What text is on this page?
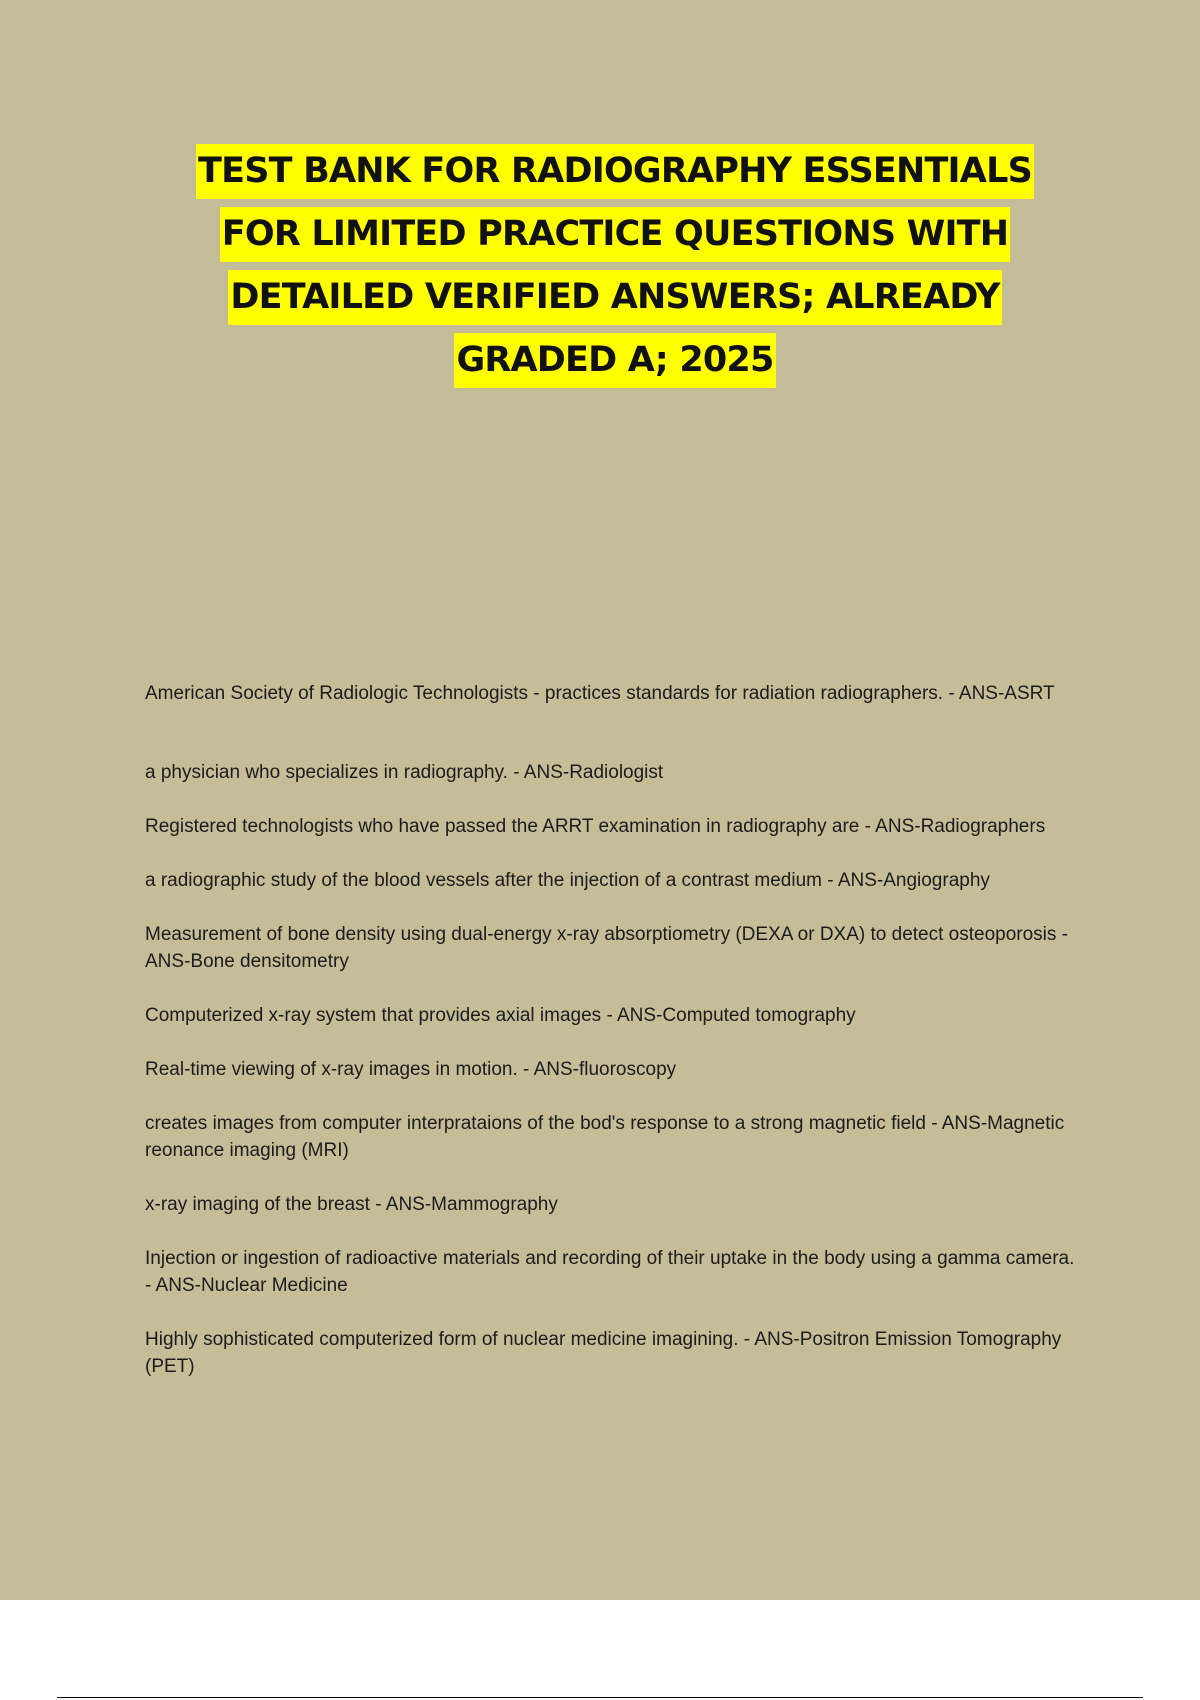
TEST BANK FOR RADIOGRAPHY ESSENTIALS
FOR LIMITED PRACTICE QUESTIONS WITH
DETAILED VERIFIED ANSWERS; ALREADY
GRADED A; 2025

American Society of Radiologic Technologists - practices standards for radiation radiographers. - ANS-ASRT

a physician who specializes in radiography. - ANS-Radiologist

Registered technologists who have passed the ARRT examination in radiography are - ANS-Radiographers

a radiographic study of the blood vessels after the injection of a contrast medium - ANS-Angiography

Measurement of bone density using dual-energy x-ray absorptiometry (DEXA or DXA) to detect osteoporosis - ANS-Bone densitometry

Computerized x-ray system that provides axial images - ANS-Computed tomography

Real-time viewing of x-ray images in motion. - ANS-fluoroscopy

creates images from computer interprataions of the bod's response to a strong magnetic field - ANS-Magnetic reonance imaging (MRI)

x-ray imaging of the breast - ANS-Mammography

Injection or ingestion of radioactive materials and recording of their uptake in the body using a gamma camera. - ANS-Nuclear Medicine

Highly sophisticated computerized form of nuclear medicine imagining. - ANS-Positron Emission Tomography (PET)
